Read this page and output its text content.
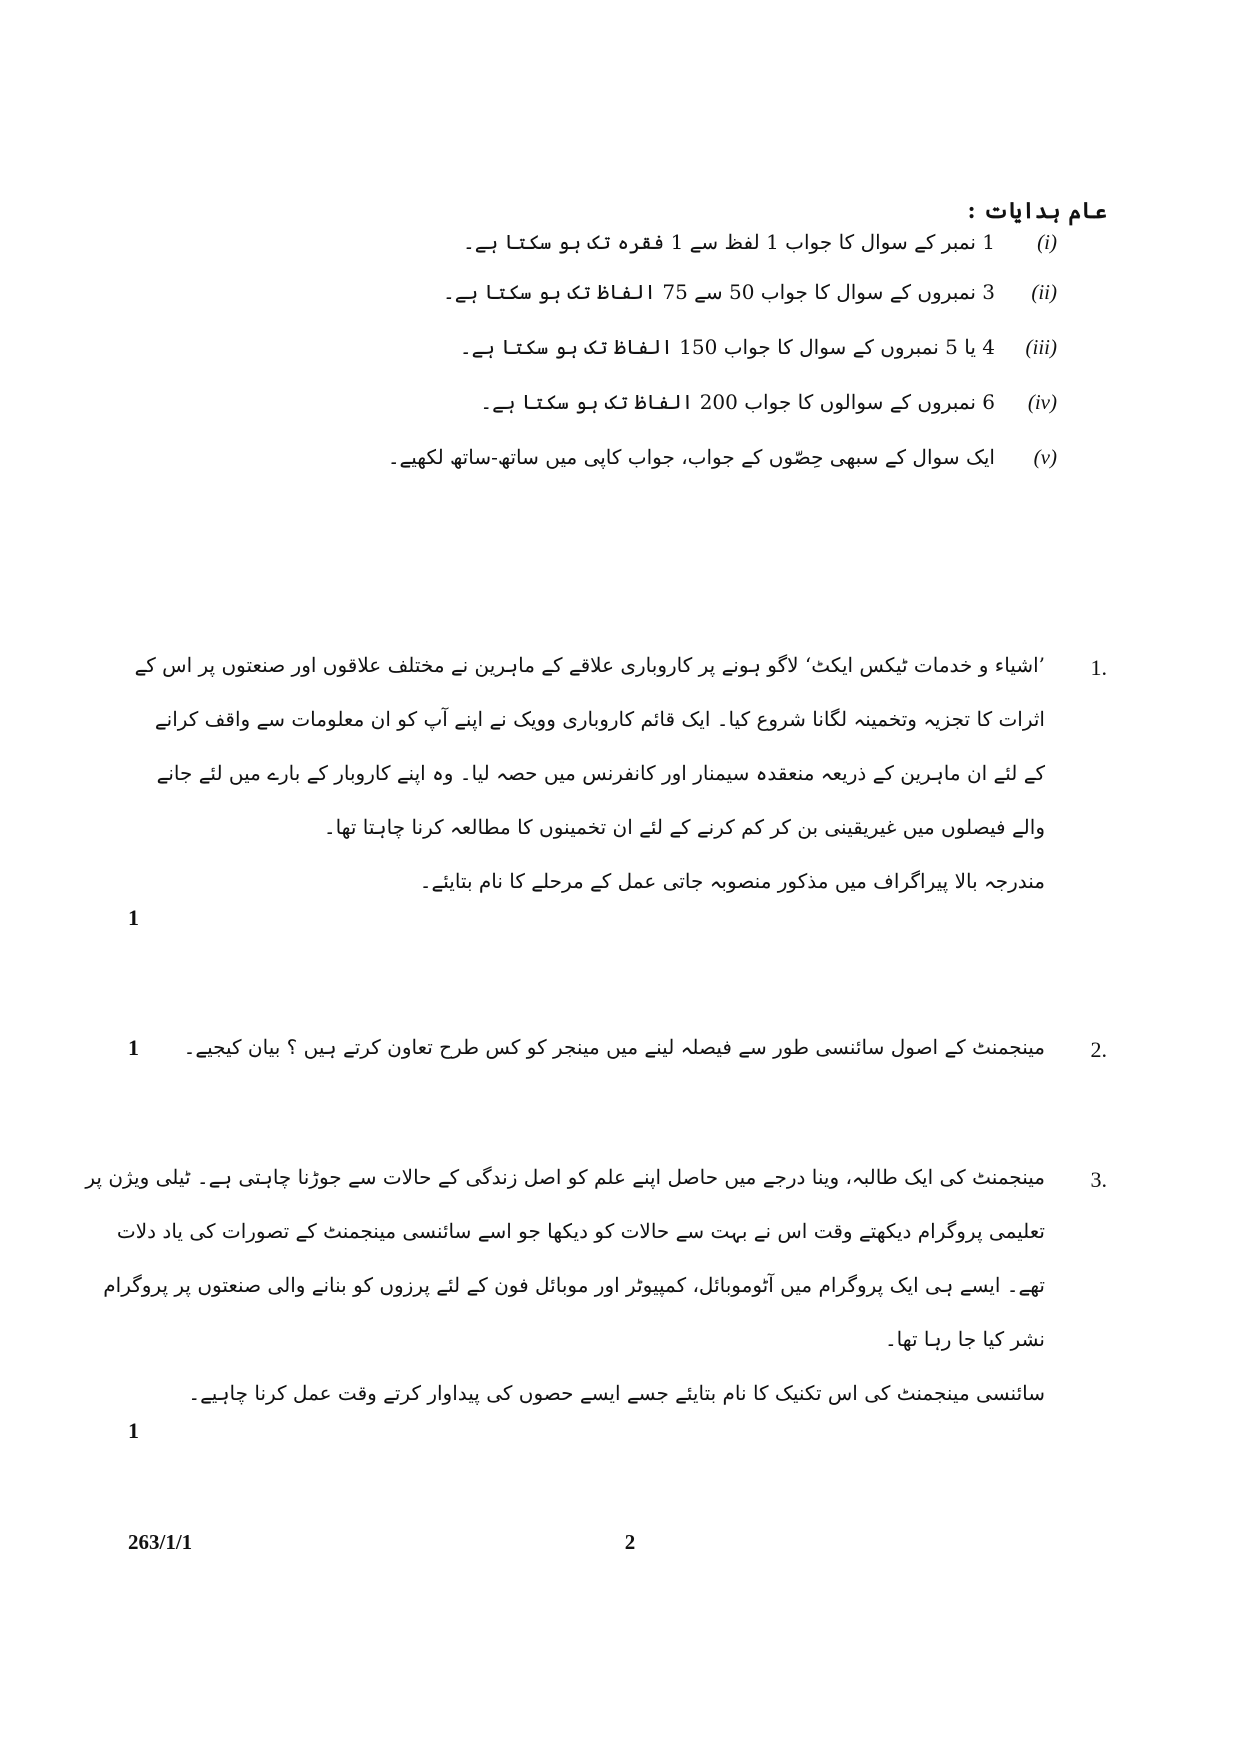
عام ہدایات :
(i)
1 نمبر کے سوال کا جواب 1 لفظ سے 1 فقرہ تک ہو سکتا ہے۔
(ii)
3 نمبروں کے سوال کا جواب 50 سے 75 الفاظ تک ہو سکتا ہے۔
(iii)
4 یا 5 نمبروں کے سوال کا جواب 150 الفاظ تک ہو سکتا ہے۔
(iv)
6 نمبروں کے سوالوں کا جواب 200 الفاظ تک ہو سکتا ہے۔
(v)
ایک سوال کے سبھی حِصّوں کے جواب، جواب کاپی میں ساتھ-ساتھ لکھیے۔
1.
’اشیاء و خدمات ٹیکس ایکٹ‘ لاگو ہونے پر کاروباری علاقے کے ماہرین نے مختلف علاقوں اور صنعتوں پر اس کے
اثرات کا تجزیہ وتخمینہ لگانا شروع کیا۔ ایک قائم کاروباری وویک نے اپنے آپ کو ان معلومات سے واقف کرانے
کے لئے ان ماہرین کے ذریعہ منعقدہ سیمنار اور کانفرنس میں حصہ لیا۔ وہ اپنے کاروبار کے بارے میں لئے جانے
والے فیصلوں میں غیریقینی بن کر کم کرنے کے لئے ان تخمینوں کا مطالعہ کرنا چاہتا تھا۔
مندرجہ بالا پیراگراف میں مذکور منصوبہ جاتی عمل کے مرحلے کا نام بتایئے۔
1
2.
مینجمنٹ کے اصول سائنسی طور سے فیصلہ لینے میں مینجر کو کس طرح تعاون کرتے ہیں ؟ بیان کیجیے۔
1
3.
مینجمنٹ کی ایک طالبہ، وینا درجے میں حاصل اپنے علم کو اصل زندگی کے حالات سے جوڑنا چاہتی ہے۔ ٹیلی ویژن پر
تعلیمی پروگرام دیکھتے وقت اس نے بہت سے حالات کو دیکھا جو اسے سائنسی مینجمنٹ کے تصورات کی یاد دلات
تھے۔ ایسے ہی ایک پروگرام میں آٹوموبائل، کمپیوٹر اور موبائل فون کے لئے پرزوں کو بنانے والی صنعتوں پر پروگرام
نشر کیا جا رہا تھا۔
سائنسی مینجمنٹ کی اس تکنیک کا نام بتایئے جسے ایسے حصوں کی پیداوار کرتے وقت عمل کرنا چاہیے۔
1
263/1/1	2
